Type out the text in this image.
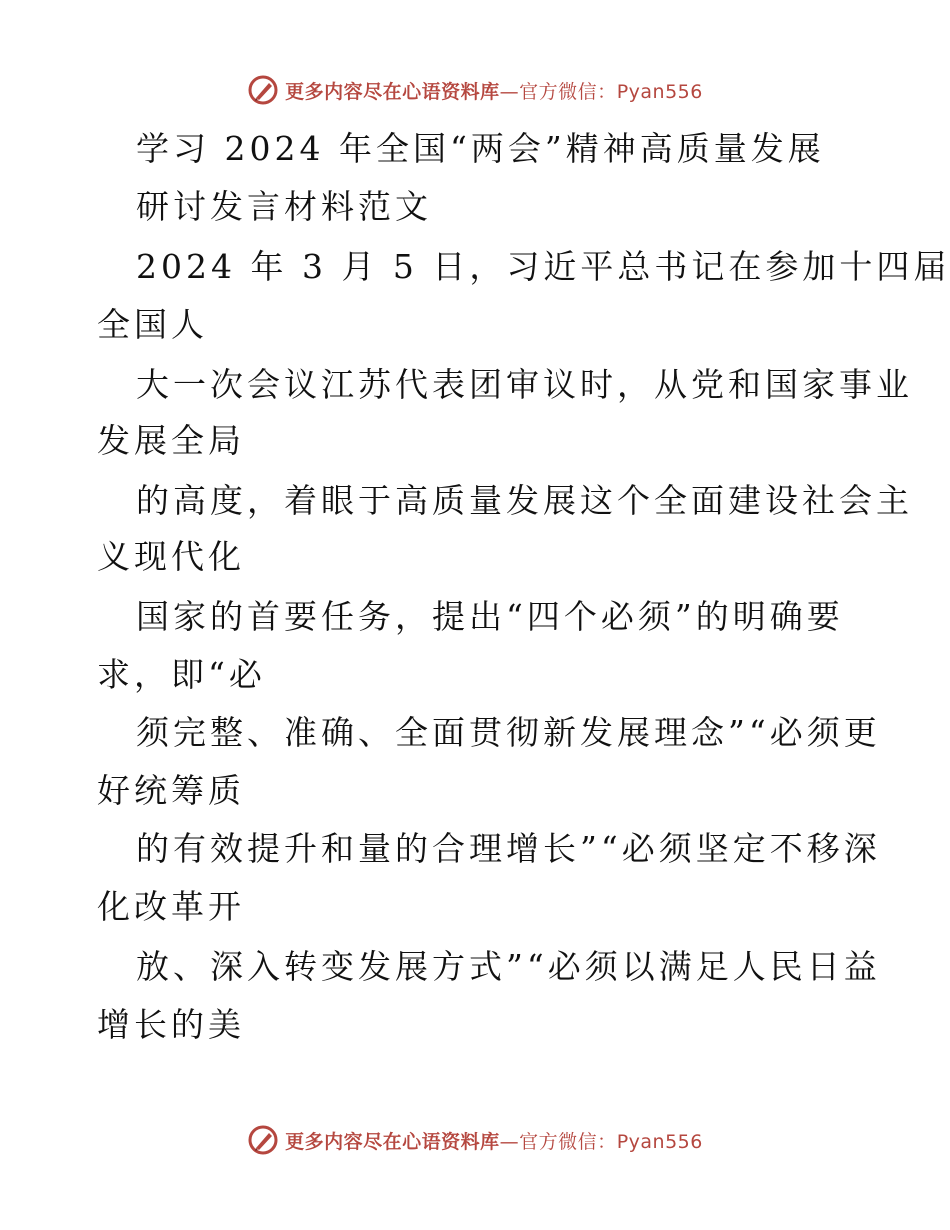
更多内容尽在心语资料库—官方微信：Pyan556
学习 2024 年全国“两会”精神高质量发展
研讨发言材料范文
2024 年 3 月 5 日，习近平总书记在参加十四届
全国人
大一次会议江苏代表团审议时，从党和国家事业
发展全局
的高度，着眼于高质量发展这个全面建设社会主
义现代化
国家的首要任务，提出“四个必须”的明确要
求，即“必
须完整、准确、全面贯彻新发展理念”“必须更
好统筹质
的有效提升和量的合理增长”“必须坚定不移深
化改革开
放、深入转变发展方式”“必须以满足人民日益
增长的美
更多内容尽在心语资料库—官方微信：Pyan556
